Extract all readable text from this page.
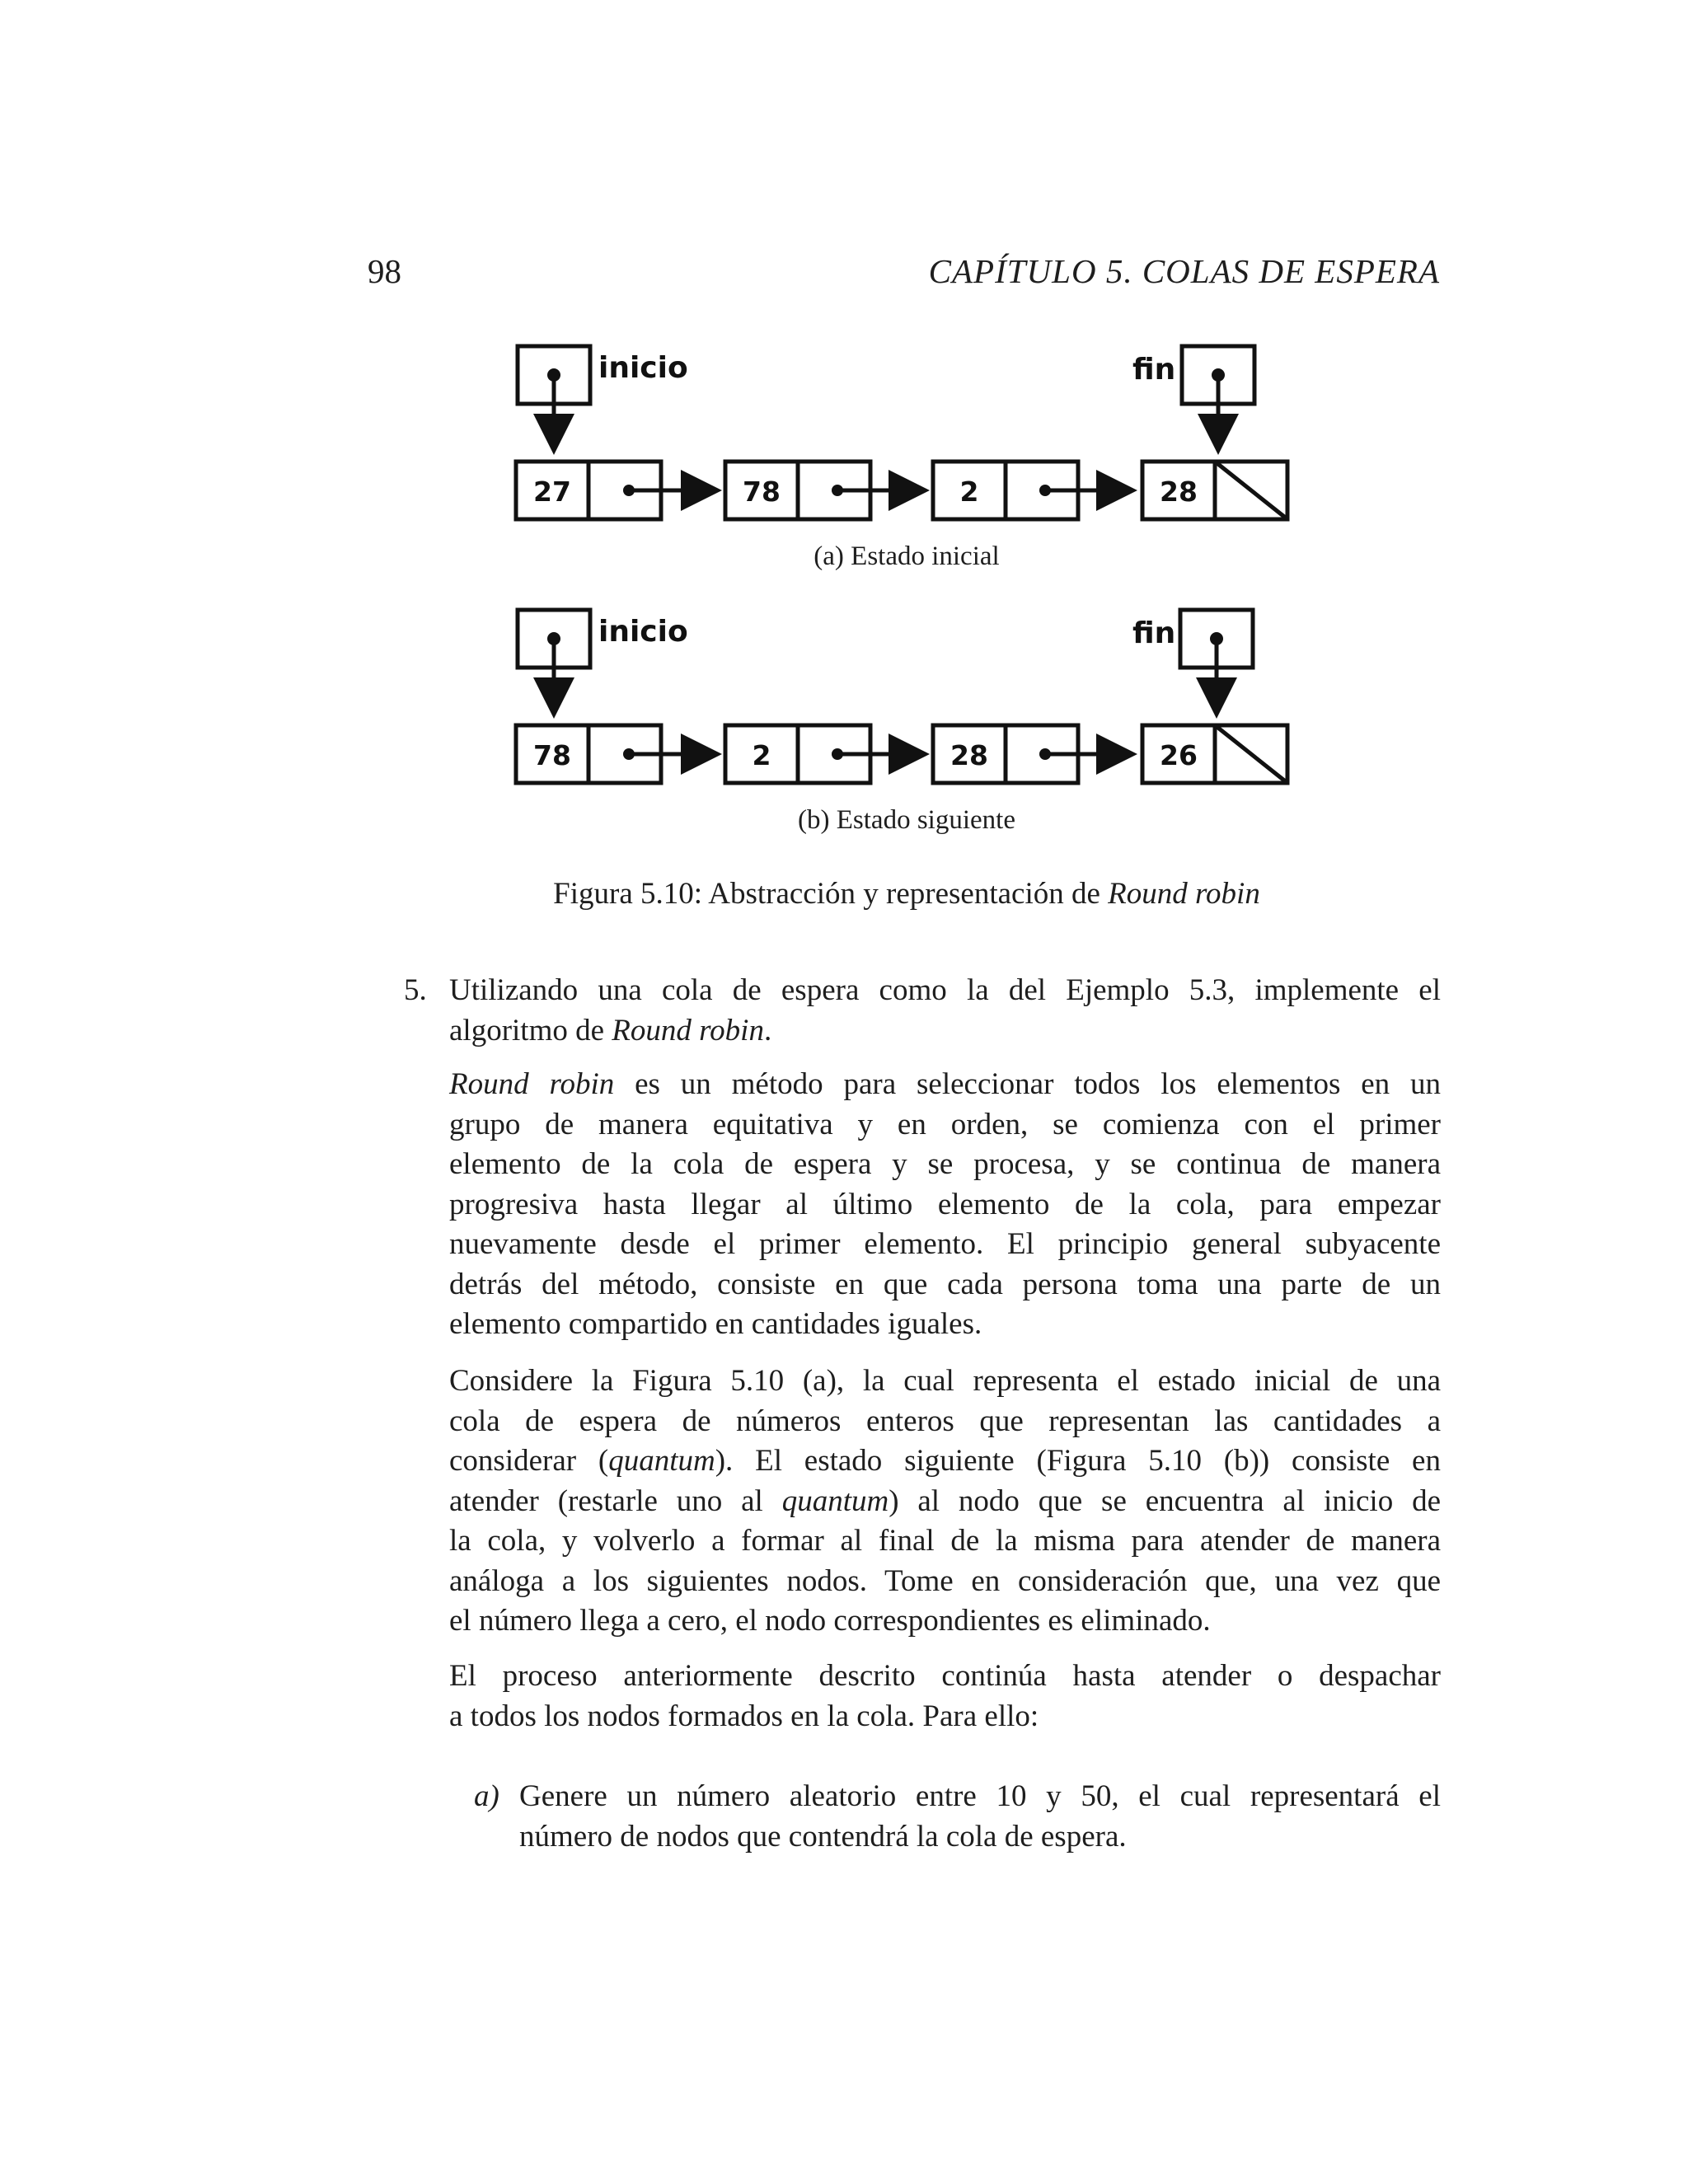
98	CAPÍTULO 5. COLAS DE ESPERA
inicio	fin
27	78	2	28
(a) Estado inicial
inicio	fin
78	2	28	26
(b) Estado siguiente
Figura 5.10: Abstracción y representación de Round robin
5. Utilizando una cola de espera como la del Ejemplo 5.3, implemente el
algoritmo de Round robin.
Round robin es un método para seleccionar todos los elementos en un
grupo de manera equitativa y en orden, se comienza con el primer
elemento de la cola de espera y se procesa, y se continua de manera
progresiva hasta llegar al último elemento de la cola, para empezar
nuevamente desde el primer elemento. El principio general subyacente
detrás del método, consiste en que cada persona toma una parte de un
elemento compartido en cantidades iguales.
Considere la Figura 5.10 (a), la cual representa el estado inicial de una
cola de espera de números enteros que representan las cantidades a
considerar (quantum). El estado siguiente (Figura 5.10 (b)) consiste en
atender (restarle uno al quantum) al nodo que se encuentra al inicio de
la cola, y volverlo a formar al final de la misma para atender de manera
análoga a los siguientes nodos. Tome en consideración que, una vez que
el número llega a cero, el nodo correspondientes es eliminado.
El proceso anteriormente descrito continúa hasta atender o despachar
a todos los nodos formados en la cola. Para ello:
a) Genere un número aleatorio entre 10 y 50, el cual representará el
número de nodos que contendrá la cola de espera.
